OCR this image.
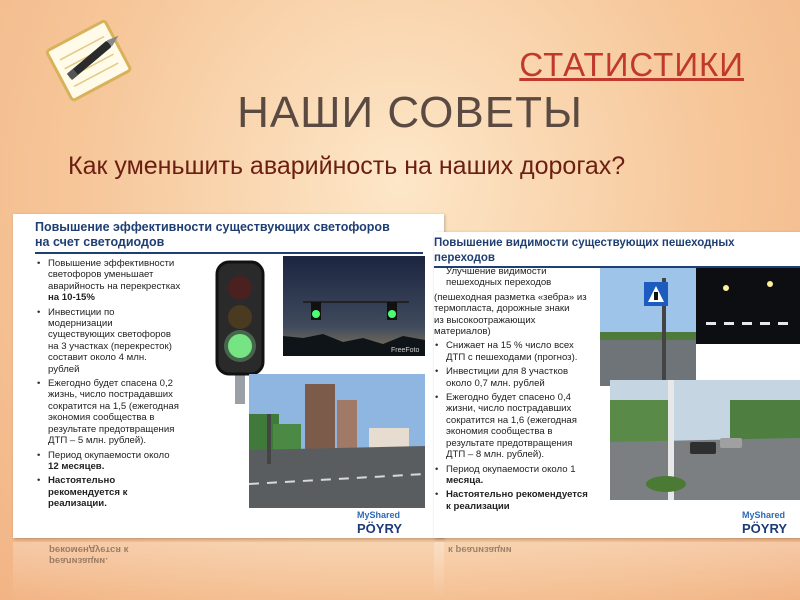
СТАТИСТИКИ
НАШИ СОВЕТЫ
Как уменьшить аварийность на наших дорогах?
Повышение эффективности существующих светофоров
на счет светодиодов
• Повышение эффективности
светофоров уменьшает
аварийность на перекрестках
на 10-15%
• Инвестиции по
модернизации
существующих светофоров
на 3 участках (перекресток)
составит около 4 млн.
рублей
• Ежегодно будет спасена 0,2
жизнь, число пострадавших
сократится на 1,5 (ежегодная
экономия сообщества в
результате предотвращения
ДТП – 5 млн. рублей).
• Период окупаемости около
12 месяцев.
• Настоятельно
рекомендуется к
реализации.
FreeFoto
MyShared
PÖYRY
Повышение видимости существующих пешеходных
переходов
Улучшение видимости
пешеходных переходов
(пешеходная разметка «зебра» из
термопласта, дорожные знаки
из высокоотражающих
материалов)
• Снижает на 15 % число всех
ДТП с пешеходами (прогноз).
• Инвестиции для 8 участков
около 0,7 млн. рублей
• Ежегодно будет спасено 0,4
жизни, число пострадавших
сократится на 1,6 (ежегодная
экономия сообщества в
результате предотвращения
ДТП – 8 млн. рублей).
• Период окупаемости около 1
месяца.
• Настоятельно рекомендуется
к реализации
MyShared
PÖYRY
реализации.
рекомендуется к	к реализации
